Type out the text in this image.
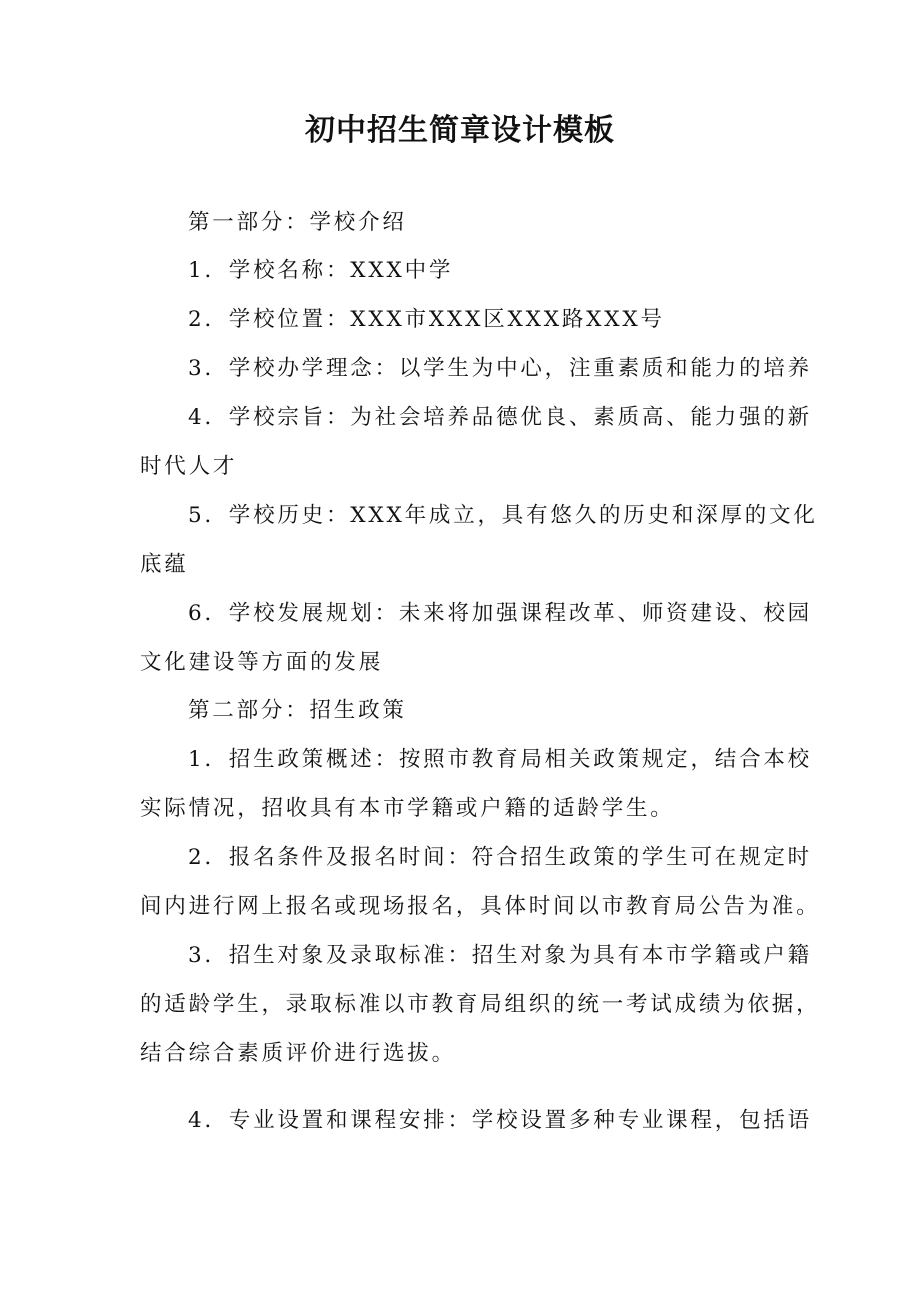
初中招生简章设计模板
第一部分：学校介绍
1．学校名称：XXX中学
2．学校位置：XXX市XXX区XXX路XXX号
3．学校办学理念：以学生为中心，注重素质和能力的培养
4．学校宗旨：为社会培养品德优良、素质高、能力强的新
时代人才
5．学校历史：XXX年成立，具有悠久的历史和深厚的文化
底蕴
6．学校发展规划：未来将加强课程改革、师资建设、校园
文化建设等方面的发展
第二部分：招生政策
1．招生政策概述：按照市教育局相关政策规定，结合本校
实际情况，招收具有本市学籍或户籍的适龄学生。
2．报名条件及报名时间：符合招生政策的学生可在规定时
间内进行网上报名或现场报名，具体时间以市教育局公告为准。
3．招生对象及录取标准：招生对象为具有本市学籍或户籍
的适龄学生，录取标准以市教育局组织的统一考试成绩为依据，
结合综合素质评价进行选拔。
4．专业设置和课程安排：学校设置多种专业课程，包括语
